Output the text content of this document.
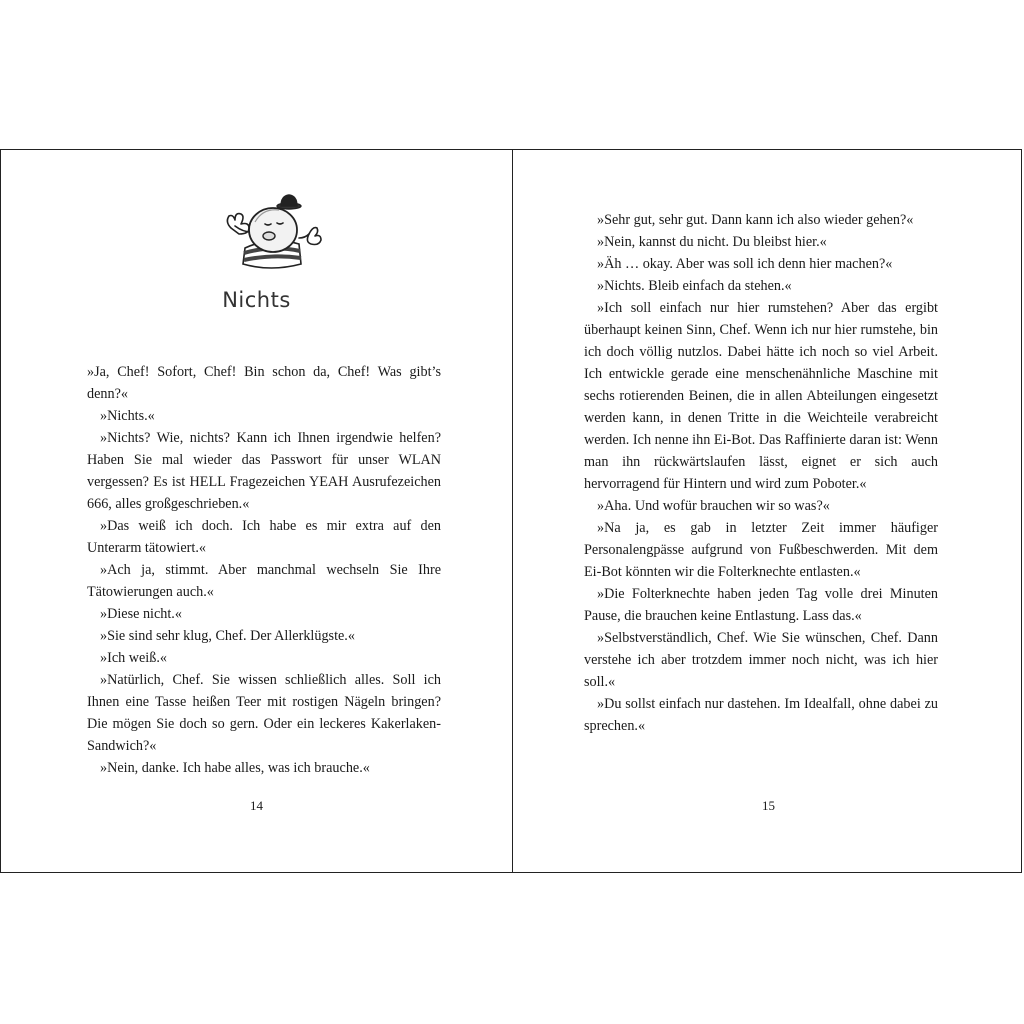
Nichts

»Ja, Chef! Sofort, Chef! Bin schon da, Chef! Was gibt’s denn?«

»Nichts.«

»Nichts? Wie, nichts? Kann ich Ihnen irgendwie helfen? Haben Sie mal wieder das Passwort für unser WLAN vergessen? Es ist HELL Fragezeichen YEAH Ausrufezeichen 666, alles großgeschrieben.«

»Das weiß ich doch. Ich habe es mir extra auf den Unterarm tätowiert.«

»Ach ja, stimmt. Aber manchmal wechseln Sie Ihre Tätowierungen auch.«

»Diese nicht.«

»Sie sind sehr klug, Chef. Der Allerklügste.«

»Ich weiß.«

»Natürlich, Chef. Sie wissen schließlich alles. Soll ich Ihnen eine Tasse heißen Teer mit rostigen Nägeln bringen? Die mögen Sie doch so gern. Oder ein leckeres Kakerlaken-Sandwich?«

»Nein, danke. Ich habe alles, was ich brauche.«

14

»Sehr gut, sehr gut. Dann kann ich also wieder gehen?«

»Nein, kannst du nicht. Du bleibst hier.«

»Äh … okay. Aber was soll ich denn hier machen?«

»Nichts. Bleib einfach da stehen.«

»Ich soll einfach nur hier rumstehen? Aber das ergibt überhaupt keinen Sinn, Chef. Wenn ich nur hier rumstehe, bin ich doch völlig nutzlos. Dabei hätte ich noch so viel Arbeit. Ich entwickle gerade eine menschenähnliche Maschine mit sechs rotierenden Beinen, die in allen Abteilungen eingesetzt werden kann, in denen Tritte in die Weichteile verabreicht werden. Ich nenne ihn Ei-Bot. Das Raffinierte daran ist: Wenn man ihn rückwärtslaufen lässt, eignet er sich auch hervorragend für Hintern und wird zum Poboter.«

»Aha. Und wofür brauchen wir so was?«

»Na ja, es gab in letzter Zeit immer häufiger Personalengpässe aufgrund von Fußbeschwerden. Mit dem Ei-Bot könnten wir die Folterknechte entlasten.«

»Die Folterknechte haben jeden Tag volle drei Minuten Pause, die brauchen keine Entlastung. Lass das.«

»Selbstverständlich, Chef. Wie Sie wünschen, Chef. Dann verstehe ich aber trotzdem immer noch nicht, was ich hier soll.«

»Du sollst einfach nur dastehen. Im Idealfall, ohne dabei zu sprechen.«

15
